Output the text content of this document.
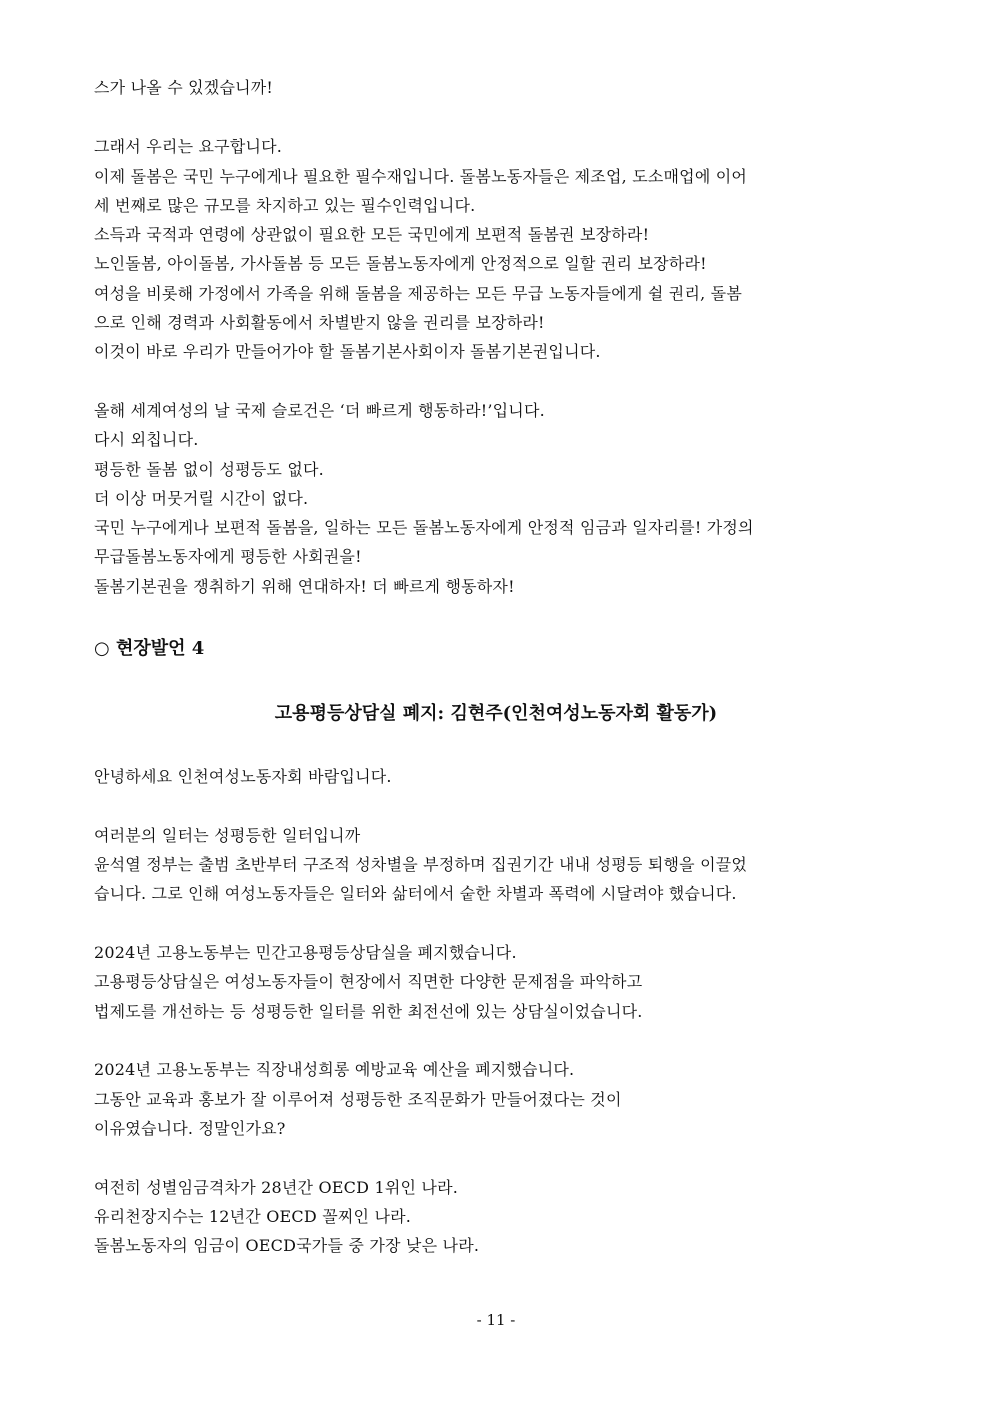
스가 나올 수 있겠습니까!
그래서 우리는 요구합니다.
이제 돌봄은 국민 누구에게나 필요한 필수재입니다. 돌봄노동자들은 제조업, 도소매업에 이어
세 번째로 많은 규모를 차지하고 있는 필수인력입니다.
소득과 국적과 연령에 상관없이 필요한 모든 국민에게 보편적 돌봄권 보장하라!
노인돌봄, 아이돌봄, 가사돌봄 등 모든 돌봄노동자에게 안정적으로 일할 권리 보장하라!
여성을 비롯해 가정에서 가족을 위해 돌봄을 제공하는 모든 무급 노동자들에게 쉴 권리, 돌봄
으로 인해 경력과 사회활동에서 차별받지 않을 권리를 보장하라!
이것이 바로 우리가 만들어가야 할 돌봄기본사회이자 돌봄기본권입니다.
올해 세계여성의 날 국제 슬로건은 ‘더 빠르게 행동하라!’입니다.
다시 외칩니다.
평등한 돌봄 없이 성평등도 없다.
더 이상 머뭇거릴 시간이 없다.
국민 누구에게나 보편적 돌봄을, 일하는 모든 돌봄노동자에게 안정적 임금과 일자리를! 가정의
무급돌봄노동자에게 평등한 사회권을!
돌봄기본권을 쟁취하기 위해 연대하자! 더 빠르게 행동하자!
○ 현장발언 4
고용평등상담실 폐지: 김현주(인천여성노동자회 활동가)
안녕하세요 인천여성노동자회 바람입니다.
여러분의 일터는 성평등한 일터입니까
윤석열 정부는 출범 초반부터 구조적 성차별을 부정하며 집권기간 내내 성평등 퇴행을 이끌었
습니다. 그로 인해 여성노동자들은 일터와 삶터에서 숱한 차별과 폭력에 시달려야 했습니다.
2024년 고용노동부는 민간고용평등상담실을 폐지했습니다.
고용평등상담실은 여성노동자들이 현장에서 직면한 다양한 문제점을 파악하고
법제도를 개선하는 등 성평등한 일터를 위한 최전선에 있는 상담실이었습니다.
2024년 고용노동부는 직장내성희롱 예방교육 예산을 폐지했습니다.
그동안 교육과 홍보가 잘 이루어져 성평등한 조직문화가 만들어졌다는 것이
이유였습니다. 정말인가요?
여전히 성별임금격차가 28년간 OECD 1위인 나라.
유리천장지수는 12년간 OECD 꼴찌인 나라.
돌봄노동자의 임금이 OECD국가들 중 가장 낮은 나라.
- 11 -
